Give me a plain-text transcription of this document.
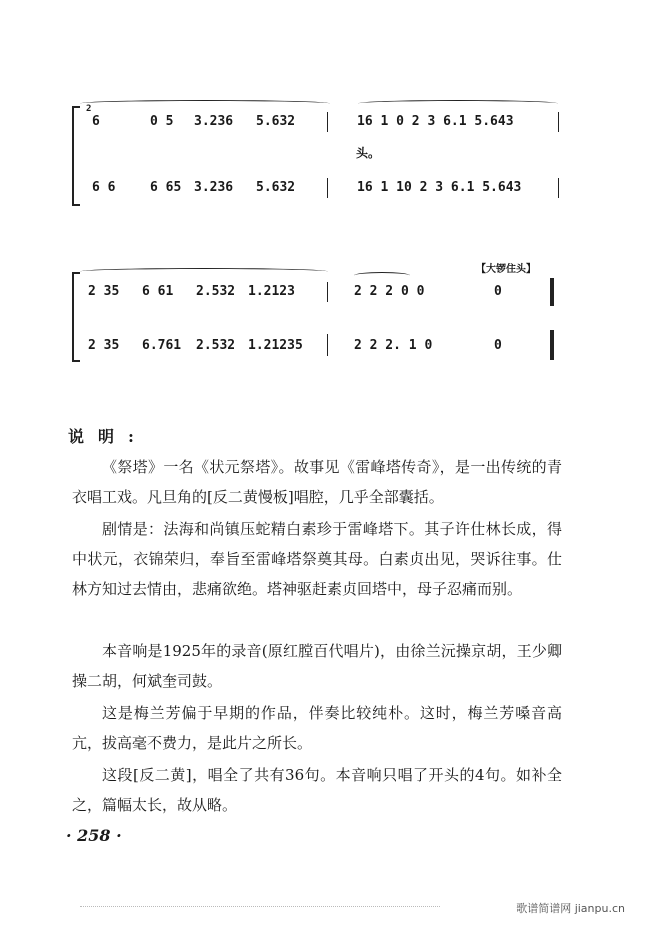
2
6	0 5 3.236 5.632	16 1 0 2 3 6.1 5.643
头。
6 6	6 65 3.236 5.632	16 1 10 2 3 6.1 5.643
【大锣住头】
2 35 6 61 2.532 1.2123	2 2 2 0 0	0
2 35 6.761 2.532 1.21235	2 2 2. 1 0	0
说明:

《祭塔》一名《状元祭塔》。故事见《雷峰塔传奇》，是一出传统的青衣唱工戏。凡旦角的[反二黄慢板]唱腔，几乎全部囊括。

剧情是：法海和尚镇压蛇精白素珍于雷峰塔下。其子许仕林长成，得中状元，衣锦荣归，奉旨至雷峰塔祭奠其母。白素贞出见，哭诉往事。仕林方知过去情由，悲痛欲绝。塔神驱赶素贞回塔中，母子忍痛而别。

本音响是1925年的录音(原红膛百代唱片)，由徐兰沅操京胡，王少卿操二胡，何斌奎司鼓。

这是梅兰芳偏于早期的作品，伴奏比较纯朴。这时，梅兰芳嗓音高亢，拔高毫不费力，是此片之所长。

这段[反二黄]，唱全了共有36句。本音响只唱了开头的4句。如补全之，篇幅太长，故从略。

· 258 ·
歌谱简谱网 jianpu.cn
